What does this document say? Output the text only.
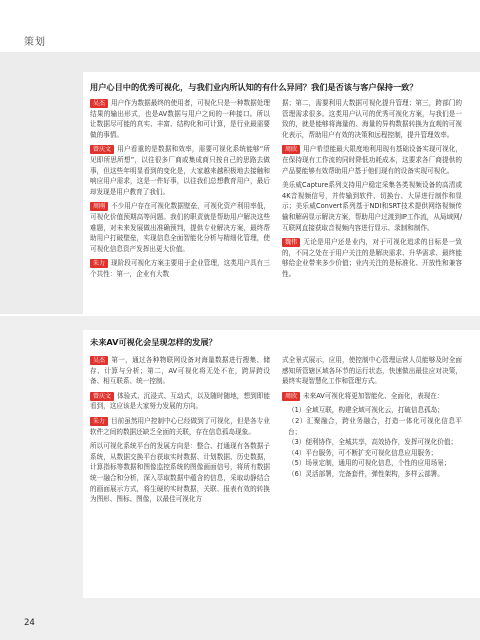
策划
用户心目中的优秀可视化，与我们业内所认知的有什么异同？我们是否该与客户保持一致？
吴杰 用户作为数据最终的使用者，可视化只是一种数据处理结果的输出形式，也是AV数据与用户之间的一种接口。所以让数据尽可能的真实、丰富、结构化和可计算，是行业最需要做的事情。
曾庆文 用户看重的是数据和效率，需要可视化系统能够“所见即所思所想”，以往很多厂商或集成商只按自己的思路去做事，但这些年明显看到的变化是，大家越来越积极地去接触和响应用户需求，这是一件好事，以往我们总想教育用户，最后却发现是用户教育了我们。
周刚 不少用户存在可视化数据壁垒，可视化资产利用率低，可视化价值预期高等问题。我们的职责就是帮助用户解决这些难题，对未来发展做出准确预判，提供专业解决方案，最终帮助用户打破壁垒，实现信息全面智能化分析与精细化管理，使可视化信息资产发挥出更大价值。
朱力 现阶段可视化方案主要用于企业管理，这类用户具有三个共性：第一，企业有大数
据；第二，需要利用大数据可视化提升管理；第三，跨部门的管理需求很多。这类用户认可的优秀可视化方案，与我们是一致的，就是能够将海量的、海量的异构数据转换为直观的可视化表示，帮助用户有效的决策和远程控制，提升管理效率。
周欣 用户希望能最大限度地利用现有基础设备实现可视化，在保持现有工作流的同时降低功耗成本，这要求各厂商提供的产品要能够有效帮助用户基于他们现有的设备实现可视化。
美乐威Capture系列支持用户稳定采集各类视频设备的高清或4K音视频信号，并传输到软件、切换台、大屏进行制作和显示；美乐威Convert系列基于NDI和SRT技术提供网络视频传输和解码显示解决方案，帮助用户过渡到IP工作流，从局域网/互联网直接获取音视频内容进行显示、录制和制作。
魏伟 无论是用户还是业内，对于可视化追求的目标是一致的，不同之处在于用户关注的是解决需求、升华需求、最终能够给企业带来多少价值；业内关注的是标准化、开放性和兼容性。
未来AV可视化会呈现怎样的发展？
吴杰 第一，通过各种物联网设备对海量数据进行搜集、储存、计算与分析；第二，AV可视化将无处不在，跨屏跨设备、相互联系、统一控制。
曾庆文 体验式、沉浸式、互动式，以及随时随地，想到即能看到，这应该是大家努力发展的方向。
朱力 目前虽然用户控制中心已经做到了可视化，但是各专业软件之间的数据还缺乏全面的关联，存在信息孤岛现象。
所以可视化系统平台的发展方向是：整合、打通现有各数据子系统，从数据交换平台获取实时数据、计划数据、历史数据，计算指标等数据和图像监控系统的图像画面信号，将所有数据统一融合和分析，深入萃取数据中蕴含的信息，采取动静结合的画面展示方式，将生硬的实时数据，关联、报表有效的转换为图形、图标、图像，以最佳可视化方
式全景式展示，应用，使控制中心管理运营人员能够及时全面感知所管辖区域各环节的运行状态，快速做出最佳应对决策，最终实现智慧化工作和管理方式。
周欣 未来AV可视化将更加智能化、全面化，表现在：
（1）全域互联，构建全域可视化云，打破信息孤岛；
（2）汇聚融合，跨业务融合，打造一体化可视化信息平台；
（3）便利协作，全城共享，高效协作，发挥可视化价值；
（4）平台服务，可不断扩充可视化信息应用服务；
（5）场景定制，通用的可视化信息，个性的应用场景；
（6）灵活部署，完备套件，弹性架构，多样云部署。
24
